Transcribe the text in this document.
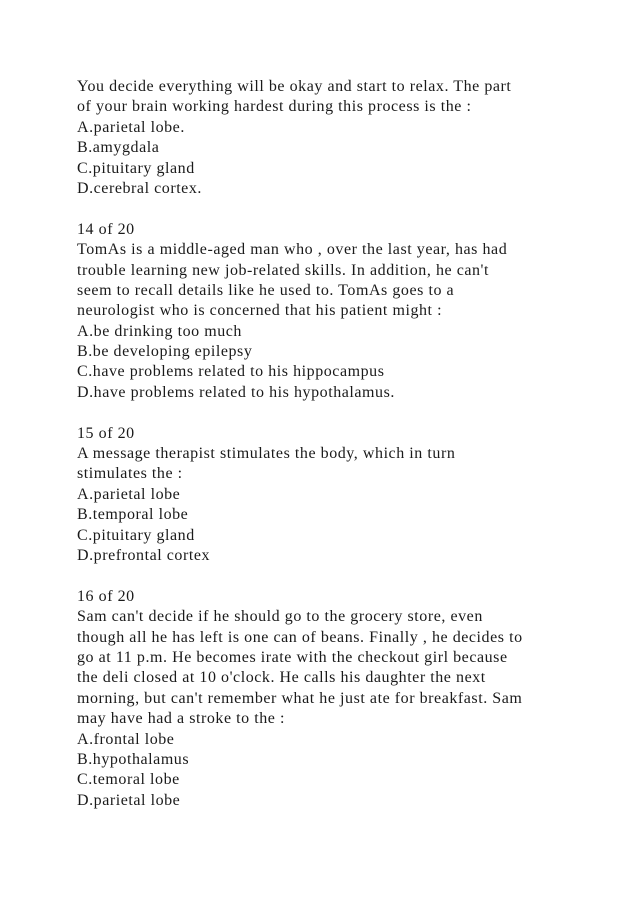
You decide everything will be okay and start to relax. The part
of your brain working hardest during this process is the :
A.parietal lobe.
B.amygdala
C.pituitary gland
D.cerebral cortex.
14 of 20
TomAs is a middle-aged man who , over the last year, has had
trouble learning new job-related skills. In addition, he can't
seem to recall details like he used to. TomAs goes to a
neurologist who is concerned that his patient might :
A.be drinking too much
B.be developing epilepsy
C.have problems related to his hippocampus
D.have problems related to his hypothalamus.
15 of 20
A message therapist stimulates the body, which in turn
stimulates the :
A.parietal lobe
B.temporal lobe
C.pituitary gland
D.prefrontal cortex
16 of 20
Sam can't decide if he should go to the grocery store, even
though all he has left is one can of beans. Finally , he decides to
go at 11 p.m. He becomes irate with the checkout girl because
the deli closed at 10 o'clock. He calls his daughter the next
morning, but can't remember what he just ate for breakfast. Sam
may have had a stroke to the :
A.frontal lobe
B.hypothalamus
C.temoral lobe
D.parietal lobe
